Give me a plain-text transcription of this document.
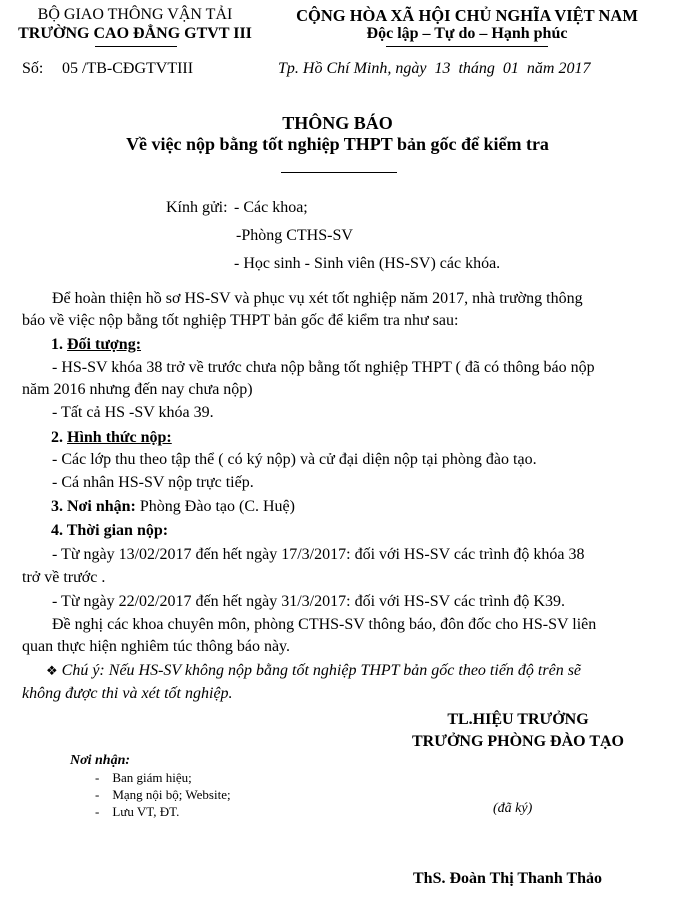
BỘ GIAO THÔNG VẬN TẢI
TRƯỜNG CAO ĐẲNG GTVT III
CỘNG HÒA XÃ HỘI CHỦ NGHĨA VIỆT NAM
Độc lập – Tự do – Hạnh phúc
Số: 05 /TB-CĐGTVTIII	Tp. Hồ Chí Minh, ngày  13  tháng  01  năm 2017
THÔNG BÁO
Về việc nộp bằng tốt nghiệp THPT bản gốc để kiểm tra
Kính gửi: - Các khoa;
-Phòng CTHS-SV
- Học sinh - Sinh viên (HS-SV) các khóa.
Để hoàn thiện hồ sơ HS-SV và phục vụ xét tốt nghiệp năm 2017, nhà trường thông
báo về việc nộp bằng tốt nghiệp THPT bản gốc để kiểm tra như sau:
1. Đối tượng:
- HS-SV khóa 38 trở về trước chưa nộp bằng tốt nghiệp THPT ( đã có thông báo nộp
năm 2016 nhưng đến nay chưa nộp)
- Tất cả HS -SV khóa 39.
2. Hình thức nộp:
- Các lớp thu theo tập thể ( có ký nộp) và cử đại diện nộp tại phòng đào tạo.
- Cá nhân HS-SV nộp trực tiếp.
3. Nơi nhận: Phòng Đào tạo (C. Huệ)
4. Thời gian nộp:
- Từ ngày 13/02/2017 đến hết ngày 17/3/2017: đối với HS-SV các trình độ khóa 38
trở về trước .
- Từ ngày 22/02/2017 đến hết ngày 31/3/2017: đối với HS-SV các trình độ K39.
Đề nghị các khoa chuyên môn, phòng CTHS-SV thông báo, đôn đốc cho HS-SV liên
quan thực hiện nghiêm túc thông báo này.
❖ Chú ý: Nếu HS-SV không nộp bằng tốt nghiệp THPT bản gốc theo tiến độ trên sẽ
không được thi và xét tốt nghiệp.
TL.HIỆU TRƯỞNG
TRƯỞNG PHÒNG ĐÀO TẠO
(đã ký)
ThS. Đoàn Thị Thanh Thảo
Nơi nhận:
-    Ban giám hiệu;
-    Mạng nội bộ; Website;
-    Lưu VT, ĐT.
